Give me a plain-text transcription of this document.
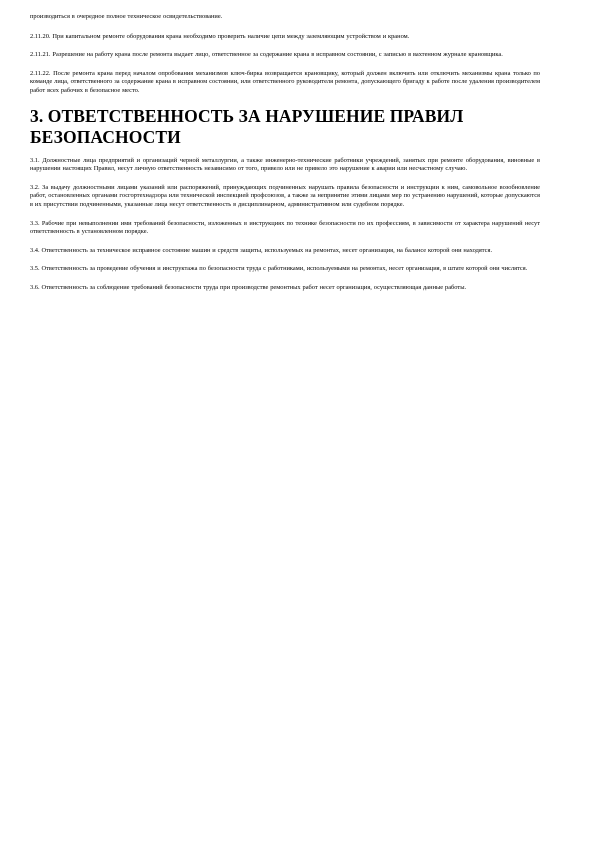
производиться в очередное полное техническое освидетельствование.

2.11.20. При капитальном ремонте оборудования крана необходимо проверить наличие цепи между заземляющим устройством и краном.

2.11.21. Разрешение на работу крана после ремонта выдает лицо, ответственное за содержание крана в исправном состоянии, с записью в вахтенном журнале крановщика.

2.11.22. После ремонта крана перед началом опробования механизмов ключ-бирка возвращается крановщику, который должен включить или отключить механизмы крана только по команде лица, ответственного за содержание крана в исправном состоянии, или ответственного руководителя ремонта, допускающего бригаду к работе после удаления производителем работ всех рабочих в безопасное место.

3. ОТВЕТСТВЕННОСТЬ ЗА НАРУШЕНИЕ ПРАВИЛ БЕЗОПАСНОСТИ

3.1. Должностные лица предприятий и организаций черной металлургии, а также инженерно-технические работники учреждений, занятых при ремонте оборудования, виновные в нарушении настоящих Правил, несут личную ответственность независимо от того, привело или не привело это нарушение к аварии или несчастному случаю.

3.2. За выдачу должностными лицами указаний или распоряжений, принуждающих подчиненных нарушать правила безопасности и инструкции к ним, самовольное возобновление работ, остановленных органами госгортехнадзора или технической инспекцией профсоюзов, а также за непринятие этими лицами мер по устранению нарушений, которые допускаются в их присутствии подчиненными, указанные лица несут ответственность в дисциплинарном, административном или судебном порядке.

3.3. Рабочие при невыполнении ими требований безопасности, изложенных в инструкциях по технике безопасности по их профессиям, в зависимости от характера нарушений несут ответственность в установленном порядке.

3.4. Ответственность за техническое исправное состояние машин и средств защиты, используемых на ремонтах, несет организация, на балансе которой они находятся.

3.5. Ответственность за проведение обучения и инструктажа по безопасности труда с работниками, используемыми на ремонтах, несет организация, в штате которой они числятся.

3.6. Ответственность за соблюдение требований безопасности труда при производстве ремонтных работ несет организация, осуществляющая данные работы.
